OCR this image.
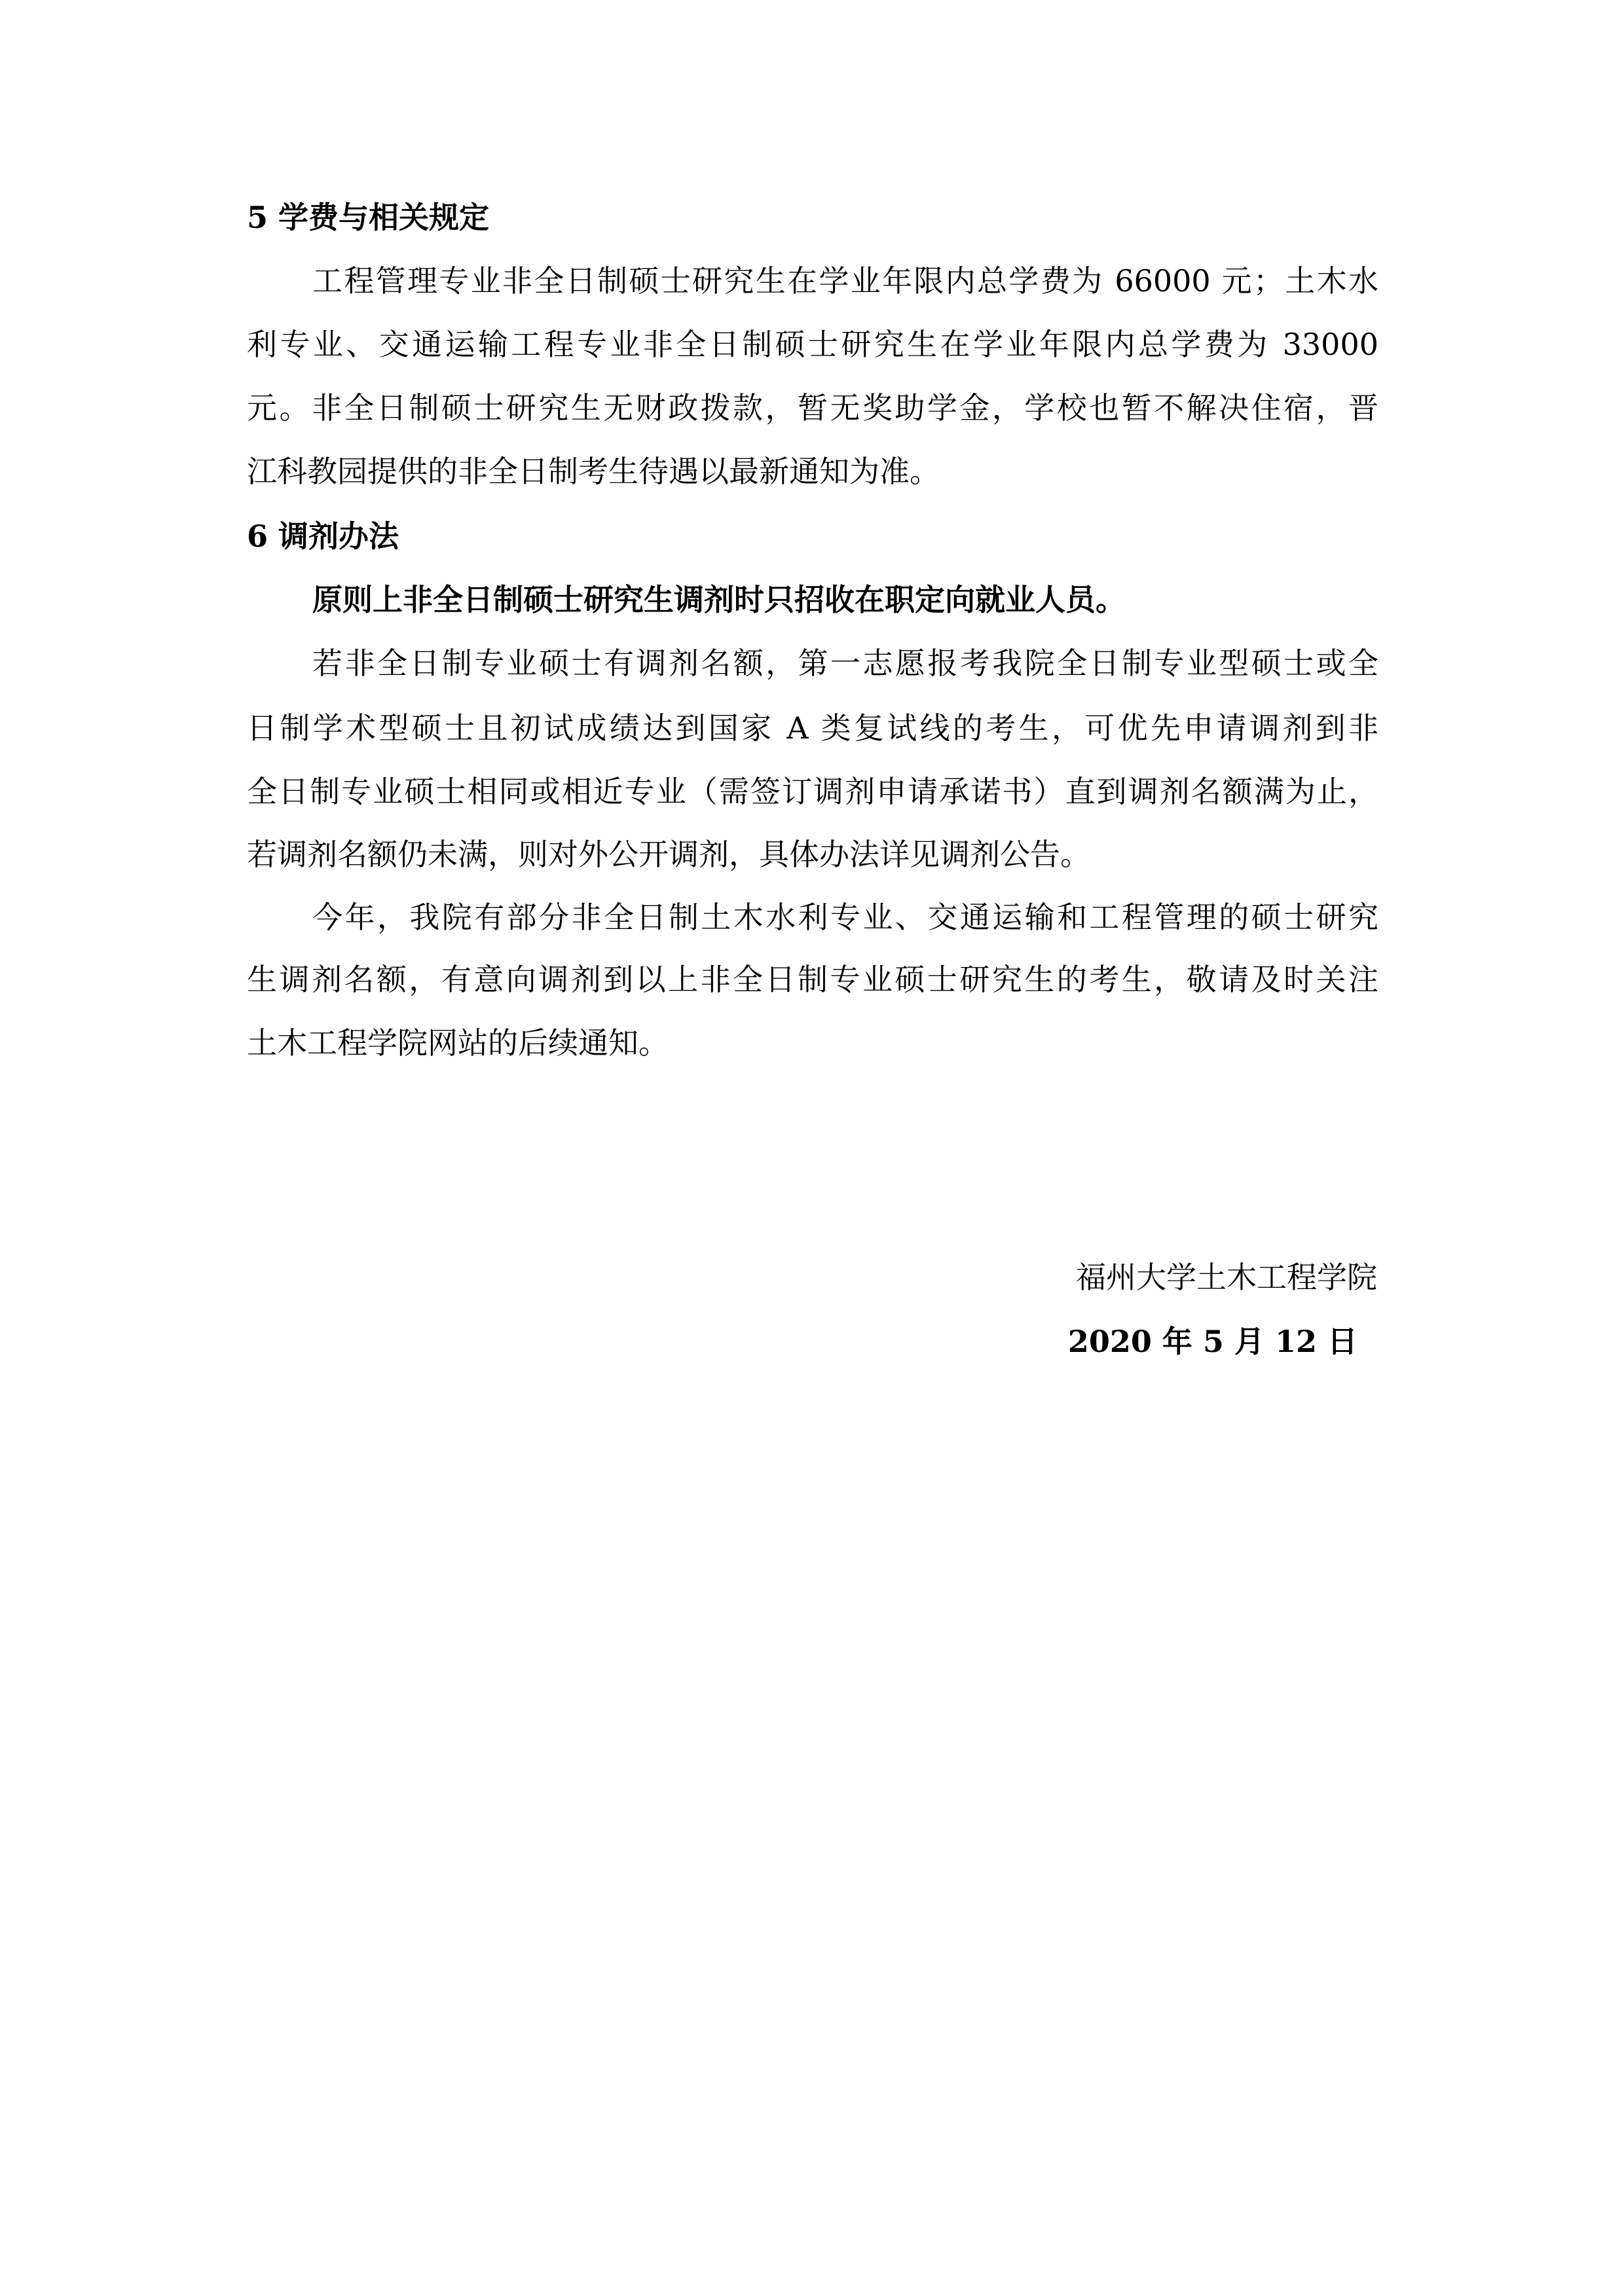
5 学费与相关规定
工程管理专业非全日制硕士研究生在学业年限内总学费为 66000 元；土木水
利专业、交通运输工程专业非全日制硕士研究生在学业年限内总学费为 33000
元。非全日制硕士研究生无财政拨款，暂无奖助学金，学校也暂不解决住宿，晋
江科教园提供的非全日制考生待遇以最新通知为准。
6 调剂办法
原则上非全日制硕士研究生调剂时只招收在职定向就业人员。
若非全日制专业硕士有调剂名额，第一志愿报考我院全日制专业型硕士或全
日制学术型硕士且初试成绩达到国家 A 类复试线的考生，可优先申请调剂到非
全日制专业硕士相同或相近专业（需签订调剂申请承诺书）直到调剂名额满为止，
若调剂名额仍未满，则对外公开调剂，具体办法详见调剂公告。
今年，我院有部分非全日制土木水利专业、交通运输和工程管理的硕士研究
生调剂名额，有意向调剂到以上非全日制专业硕士研究生的考生，敬请及时关注
土木工程学院网站的后续通知。
福州大学土木工程学院
2020 年 5 月 12 日
